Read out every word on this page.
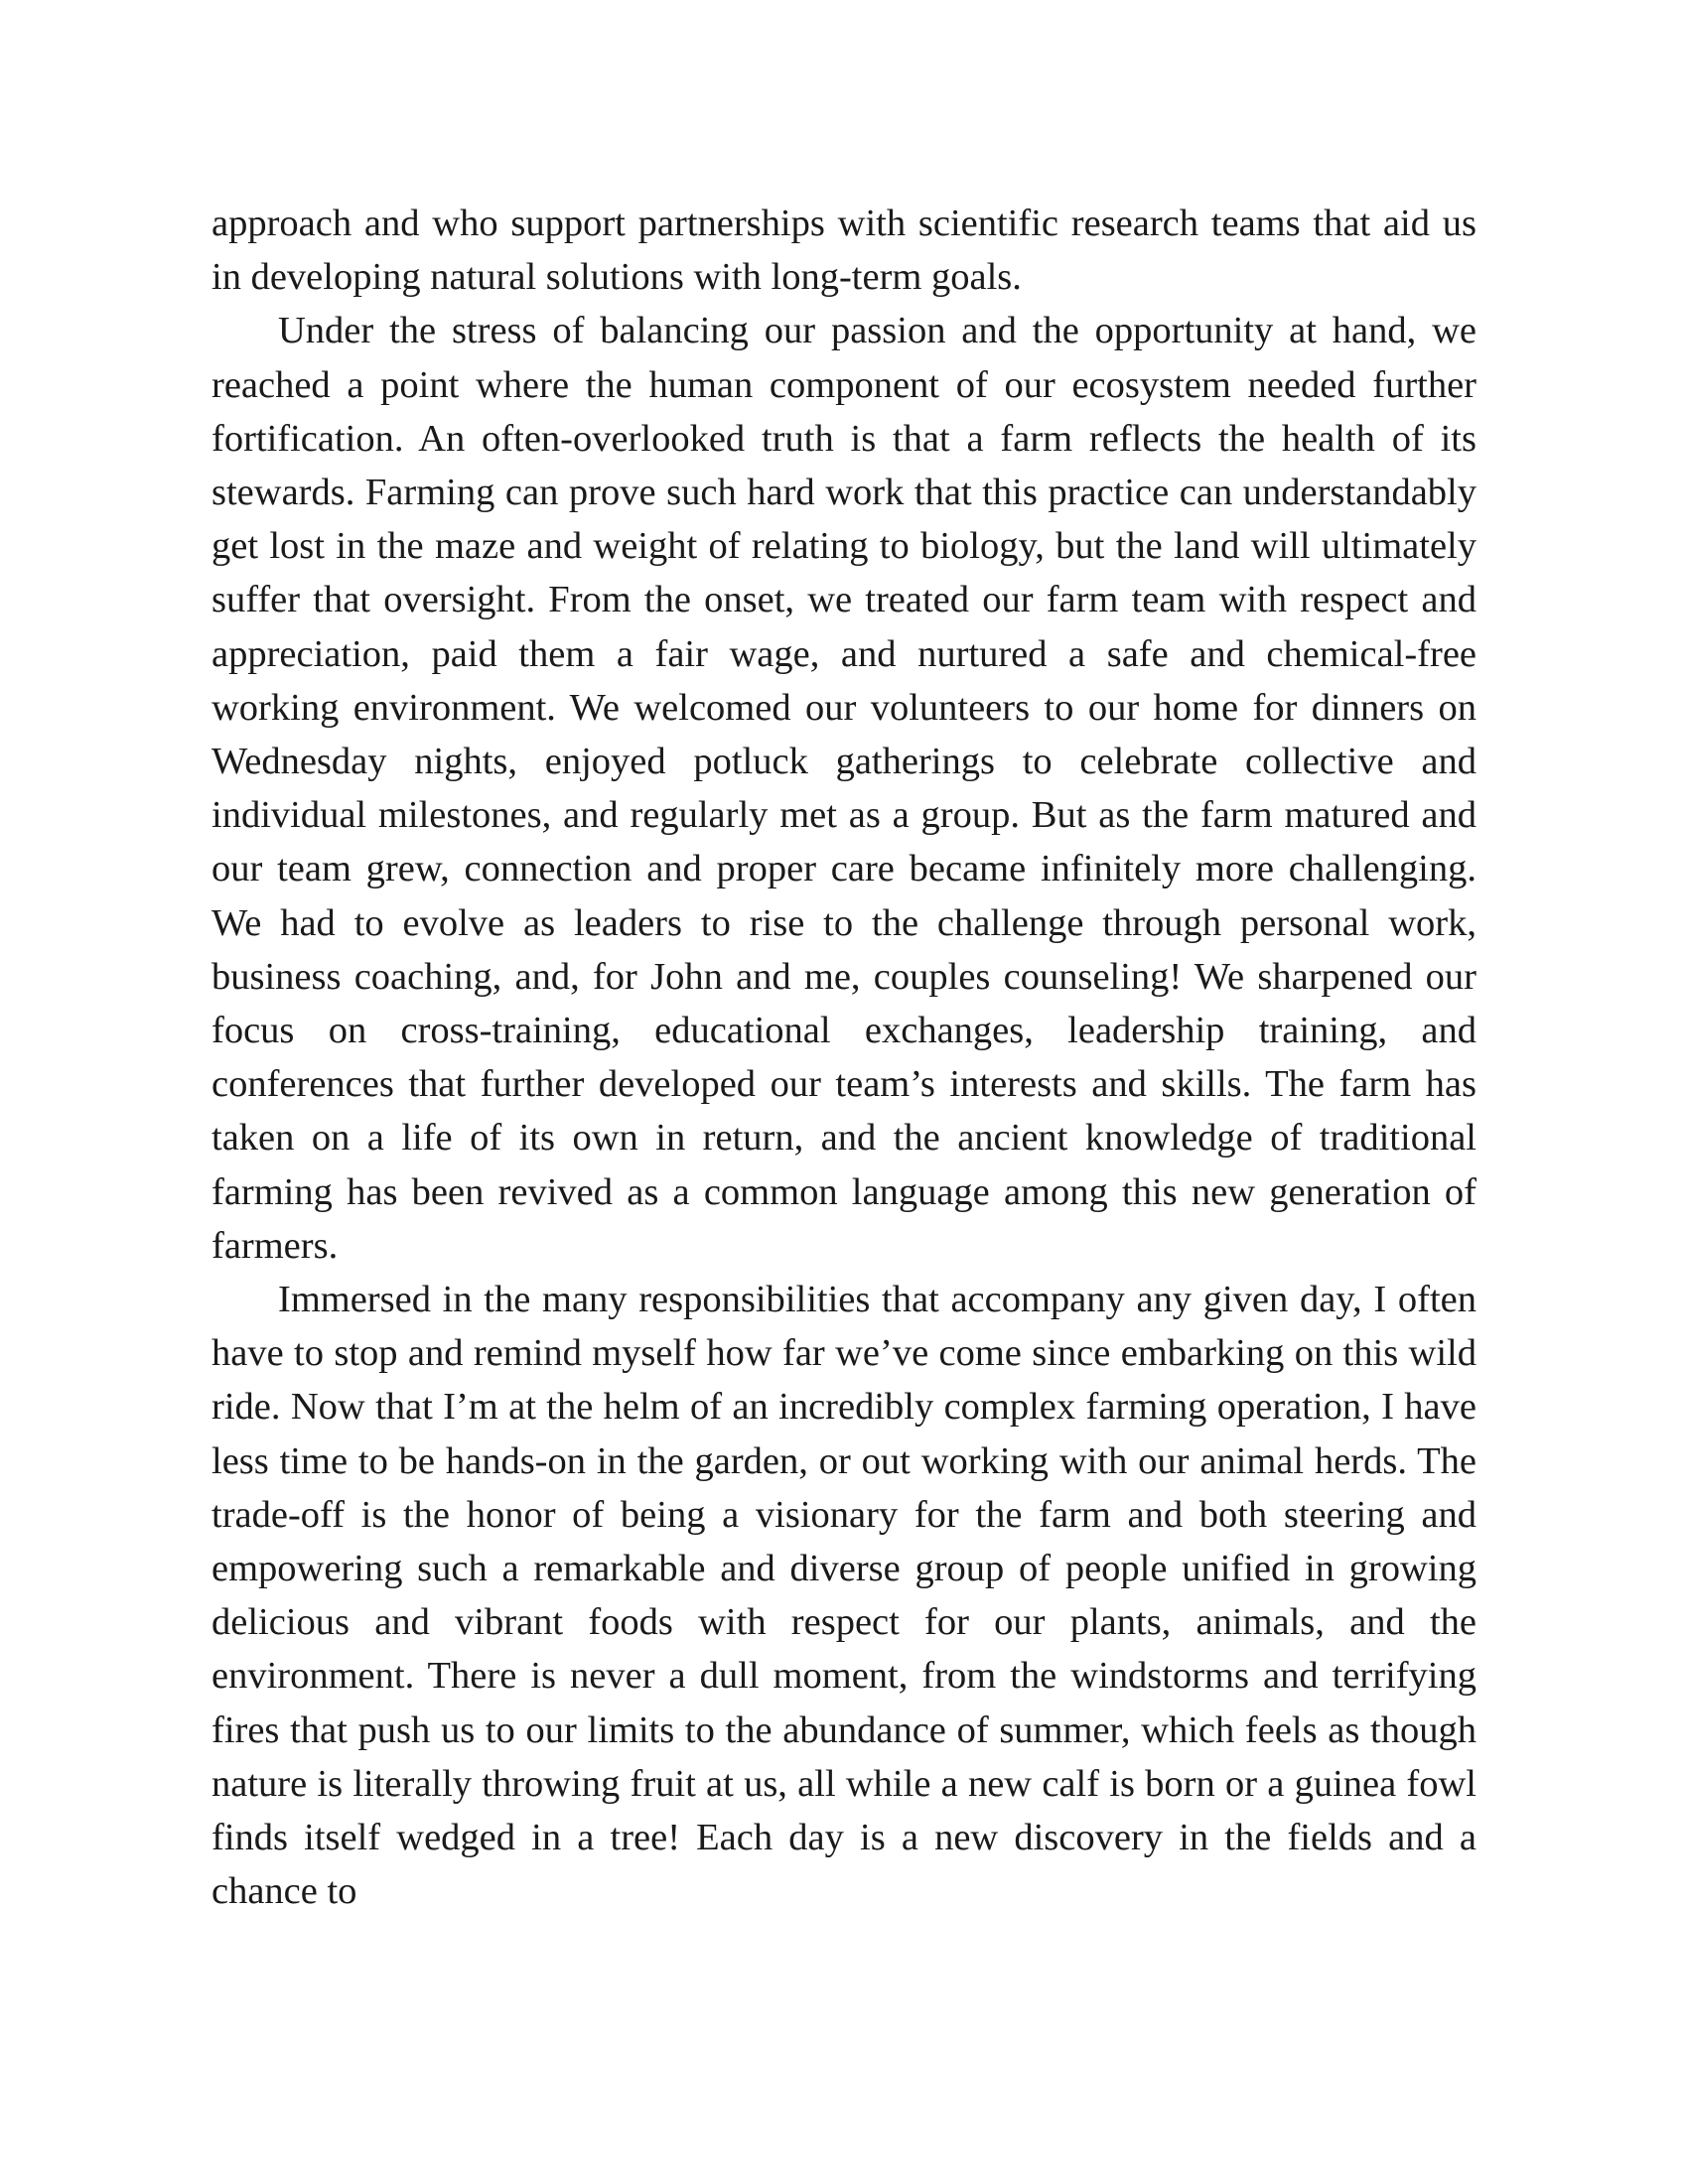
approach and who support partnerships with scientific research teams that aid us in developing natural solutions with long-term goals.

Under the stress of balancing our passion and the opportunity at hand, we reached a point where the human component of our ecosystem needed further fortification. An often-overlooked truth is that a farm reflects the health of its stewards. Farming can prove such hard work that this practice can understandably get lost in the maze and weight of relating to biology, but the land will ultimately suffer that oversight. From the onset, we treated our farm team with respect and appreciation, paid them a fair wage, and nurtured a safe and chemical-free working environment. We welcomed our volunteers to our home for dinners on Wednesday nights, enjoyed potluck gatherings to celebrate collective and individual milestones, and regularly met as a group. But as the farm matured and our team grew, connection and proper care became infinitely more challenging. We had to evolve as leaders to rise to the challenge through personal work, business coaching, and, for John and me, couples counseling! We sharpened our focus on cross-training, educational exchanges, leadership training, and conferences that further developed our team’s interests and skills. The farm has taken on a life of its own in return, and the ancient knowledge of traditional farming has been revived as a common language among this new generation of farmers.

Immersed in the many responsibilities that accompany any given day, I often have to stop and remind myself how far we’ve come since embarking on this wild ride. Now that I’m at the helm of an incredibly complex farming operation, I have less time to be hands-on in the garden, or out working with our animal herds. The trade-off is the honor of being a visionary for the farm and both steering and empowering such a remarkable and diverse group of people unified in growing delicious and vibrant foods with respect for our plants, animals, and the environment. There is never a dull moment, from the windstorms and terrifying fires that push us to our limits to the abundance of summer, which feels as though nature is literally throwing fruit at us, all while a new calf is born or a guinea fowl finds itself wedged in a tree! Each day is a new discovery in the fields and a chance to
